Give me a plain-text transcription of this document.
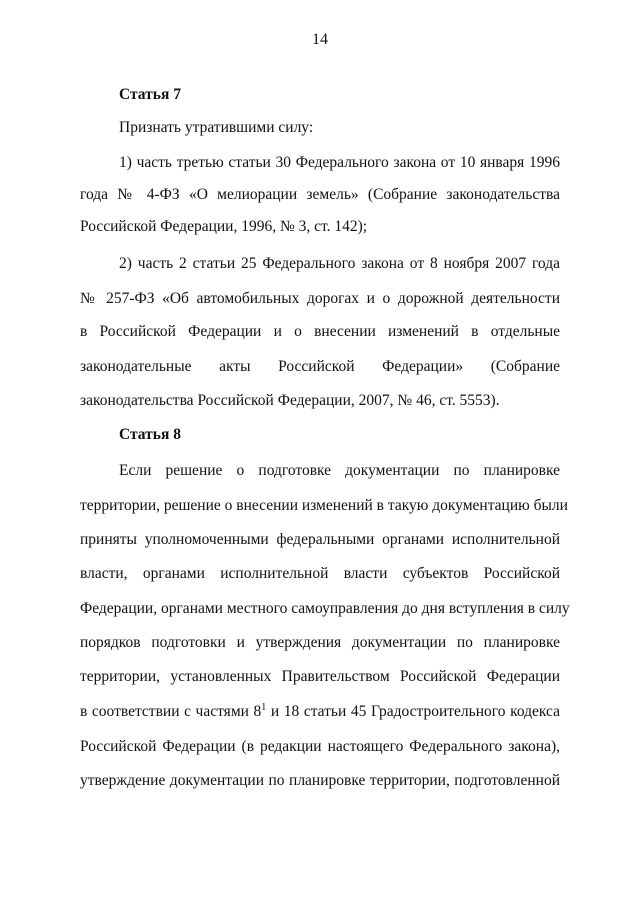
14
Статья 7
Признать утратившими силу:
1) часть третью статьи 30 Федерального закона от 10 января 1996
года № 4-ФЗ «О мелиорации земель» (Собрание законодательства
Российской Федерации, 1996, № 3, ст. 142);
2) часть 2 статьи 25 Федерального закона от 8 ноября 2007 года
№ 257-ФЗ «Об автомобильных дорогах и о дорожной деятельности
в Российской Федерации и о внесении изменений в отдельные
законодательные акты Российской Федерации» (Собрание
законодательства Российской Федерации, 2007, № 46, ст. 5553).
Статья 8
Если решение о подготовке документации по планировке
территории, решение о внесении изменений в такую документацию были
приняты уполномоченными федеральными органами исполнительной
власти, органами исполнительной власти субъектов Российской
Федерации, органами местного самоуправления до дня вступления в силу
порядков подготовки и утверждения документации по планировке
территории, установленных Правительством Российской Федерации
в соответствии с частями $8^1$ и 18 статьи 45 Градостроительного кодекса
Российской Федерации (в редакции настоящего Федерального закона),
утверждение документации по планировке территории, подготовленной
